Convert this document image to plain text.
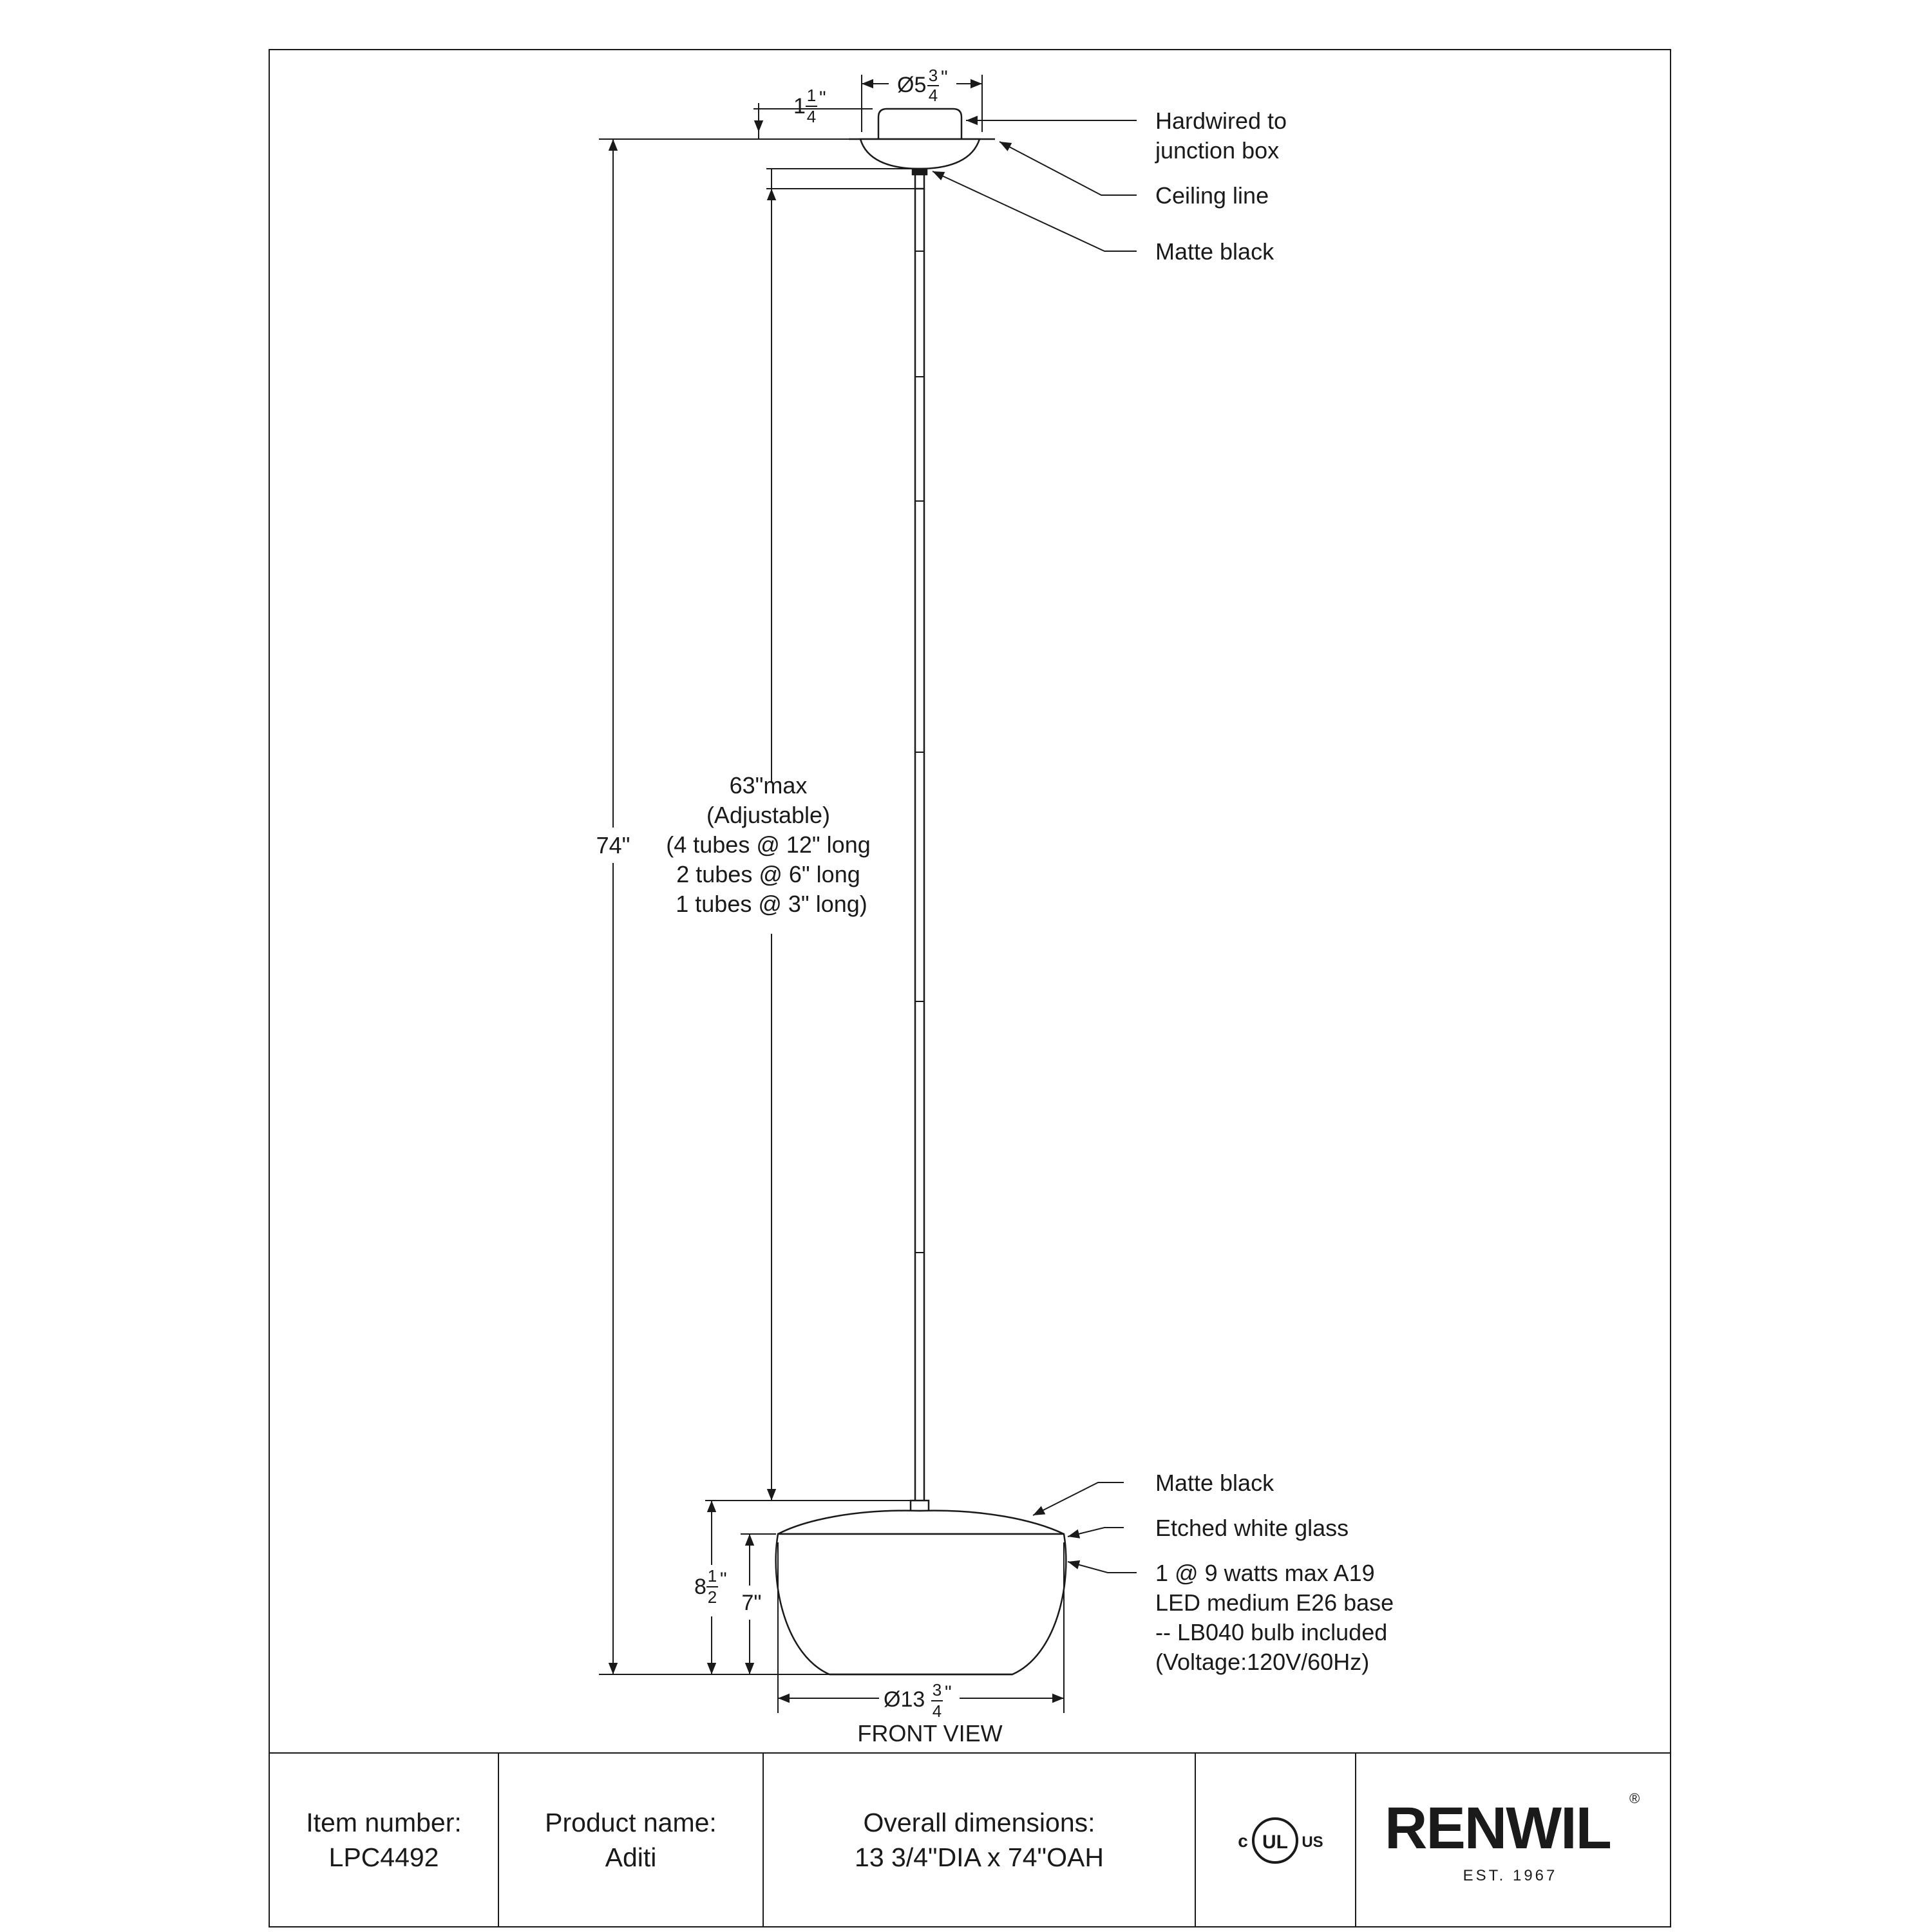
Ø5 3
4
"
1 1
4
"
74"
63"max (Adjustable) (4 tubes @ 12" long 2 tubes @ 6" long 1 tubes @ 3" long)
8 1
2
"
7"
Ø13 3
4
"
FRONT VIEW
Hardwired to junction box
Ceiling line
Matte black
Matte black
Etched white glass
1 @ 9 watts max A19 LED medium E26 base -- LB040 bulb included (Voltage:120V/60Hz)
UL
c	US RENWIL ®
EST. 1967
Item number:
LPC4492
Product name:
Aditi
Overall dimensions:
13 3/4"DIA x 74"OAH
